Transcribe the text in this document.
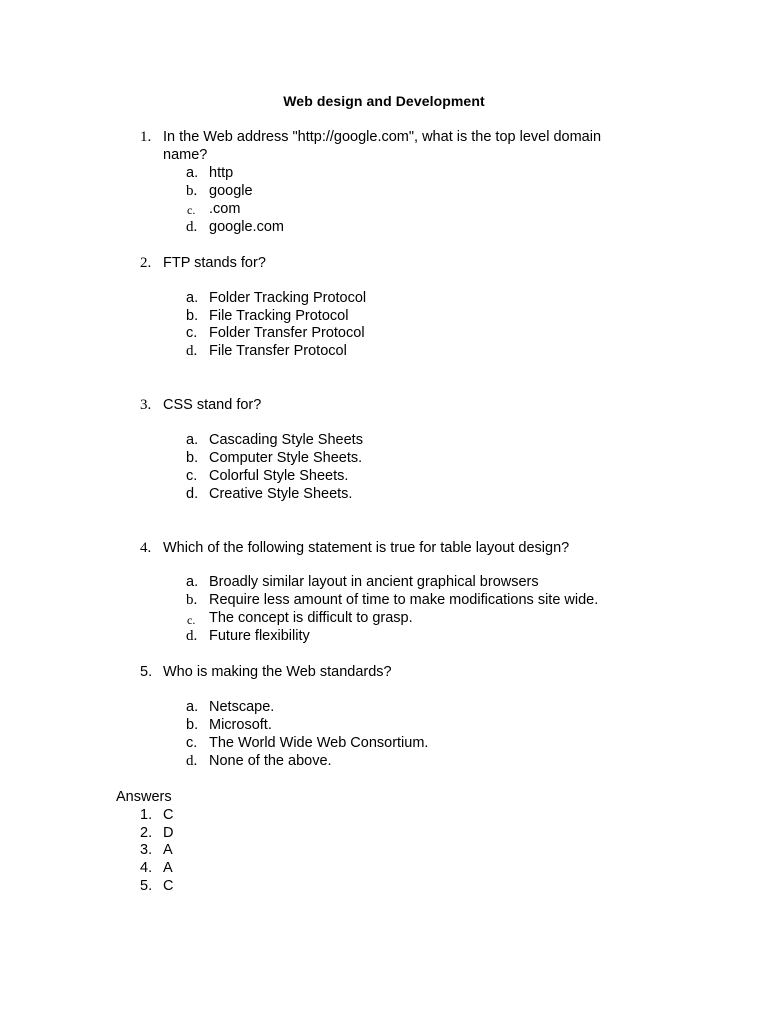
Web design and Development
1. In the Web address "http://google.com", what is the top level domain
name?
a. http
b. google
c. .com
d. google.com
2. FTP stands for?
a. Folder Tracking Protocol
b. File Tracking Protocol
c. Folder Transfer Protocol
d. File Transfer Protocol
3. CSS stand for?
a. Cascading Style Sheets
b. Computer Style Sheets.
c. Colorful Style Sheets.
d. Creative Style Sheets.
4. Which of the following statement is true for table layout design?
a. Broadly similar layout in ancient graphical browsers
b. Require less amount of time to make modifications site wide.
c. The concept is difficult to grasp.
d. Future flexibility
5. Who is making the Web standards?
a. Netscape.
b. Microsoft.
c. The World Wide Web Consortium.
d. None of the above.
Answers
1. C
2. D
3. A
4. A
5. C
